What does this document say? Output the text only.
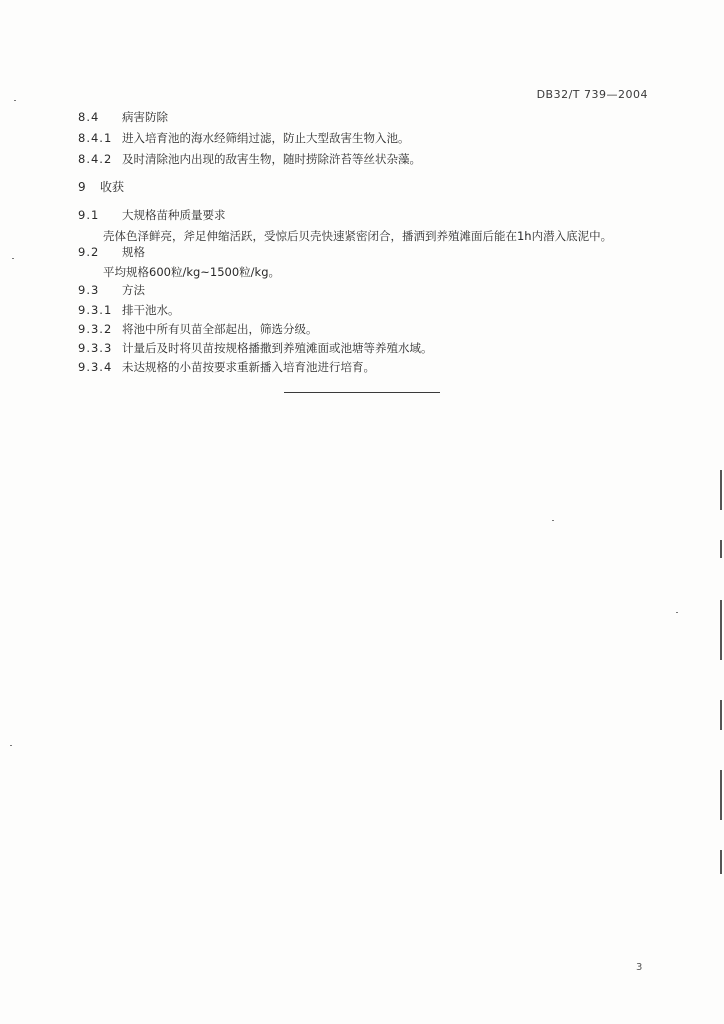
DB32/T 739—2004
8.4 病害防除
8.4.1 进入培育池的海水经筛绢过滤，防止大型敌害生物入池。
8.4.2 及时清除池内出现的敌害生物，随时捞除浒苔等丝状杂藻。
9 收获
9.1 大规格苗种质量要求
壳体色泽鲜亮，斧足伸缩活跃，受惊后贝壳快速紧密闭合，播洒到养殖滩面后能在1h内潜入底泥中。
9.2 规格
平均规格600粒/kg~1500粒/kg。
9.3 方法
9.3.1 排干池水。
9.3.2 将池中所有贝苗全部起出，筛选分级。
9.3.3 计量后及时将贝苗按规格播撒到养殖滩面或池塘等养殖水域。
9.3.4 未达规格的小苗按要求重新播入培育池进行培育。
3
